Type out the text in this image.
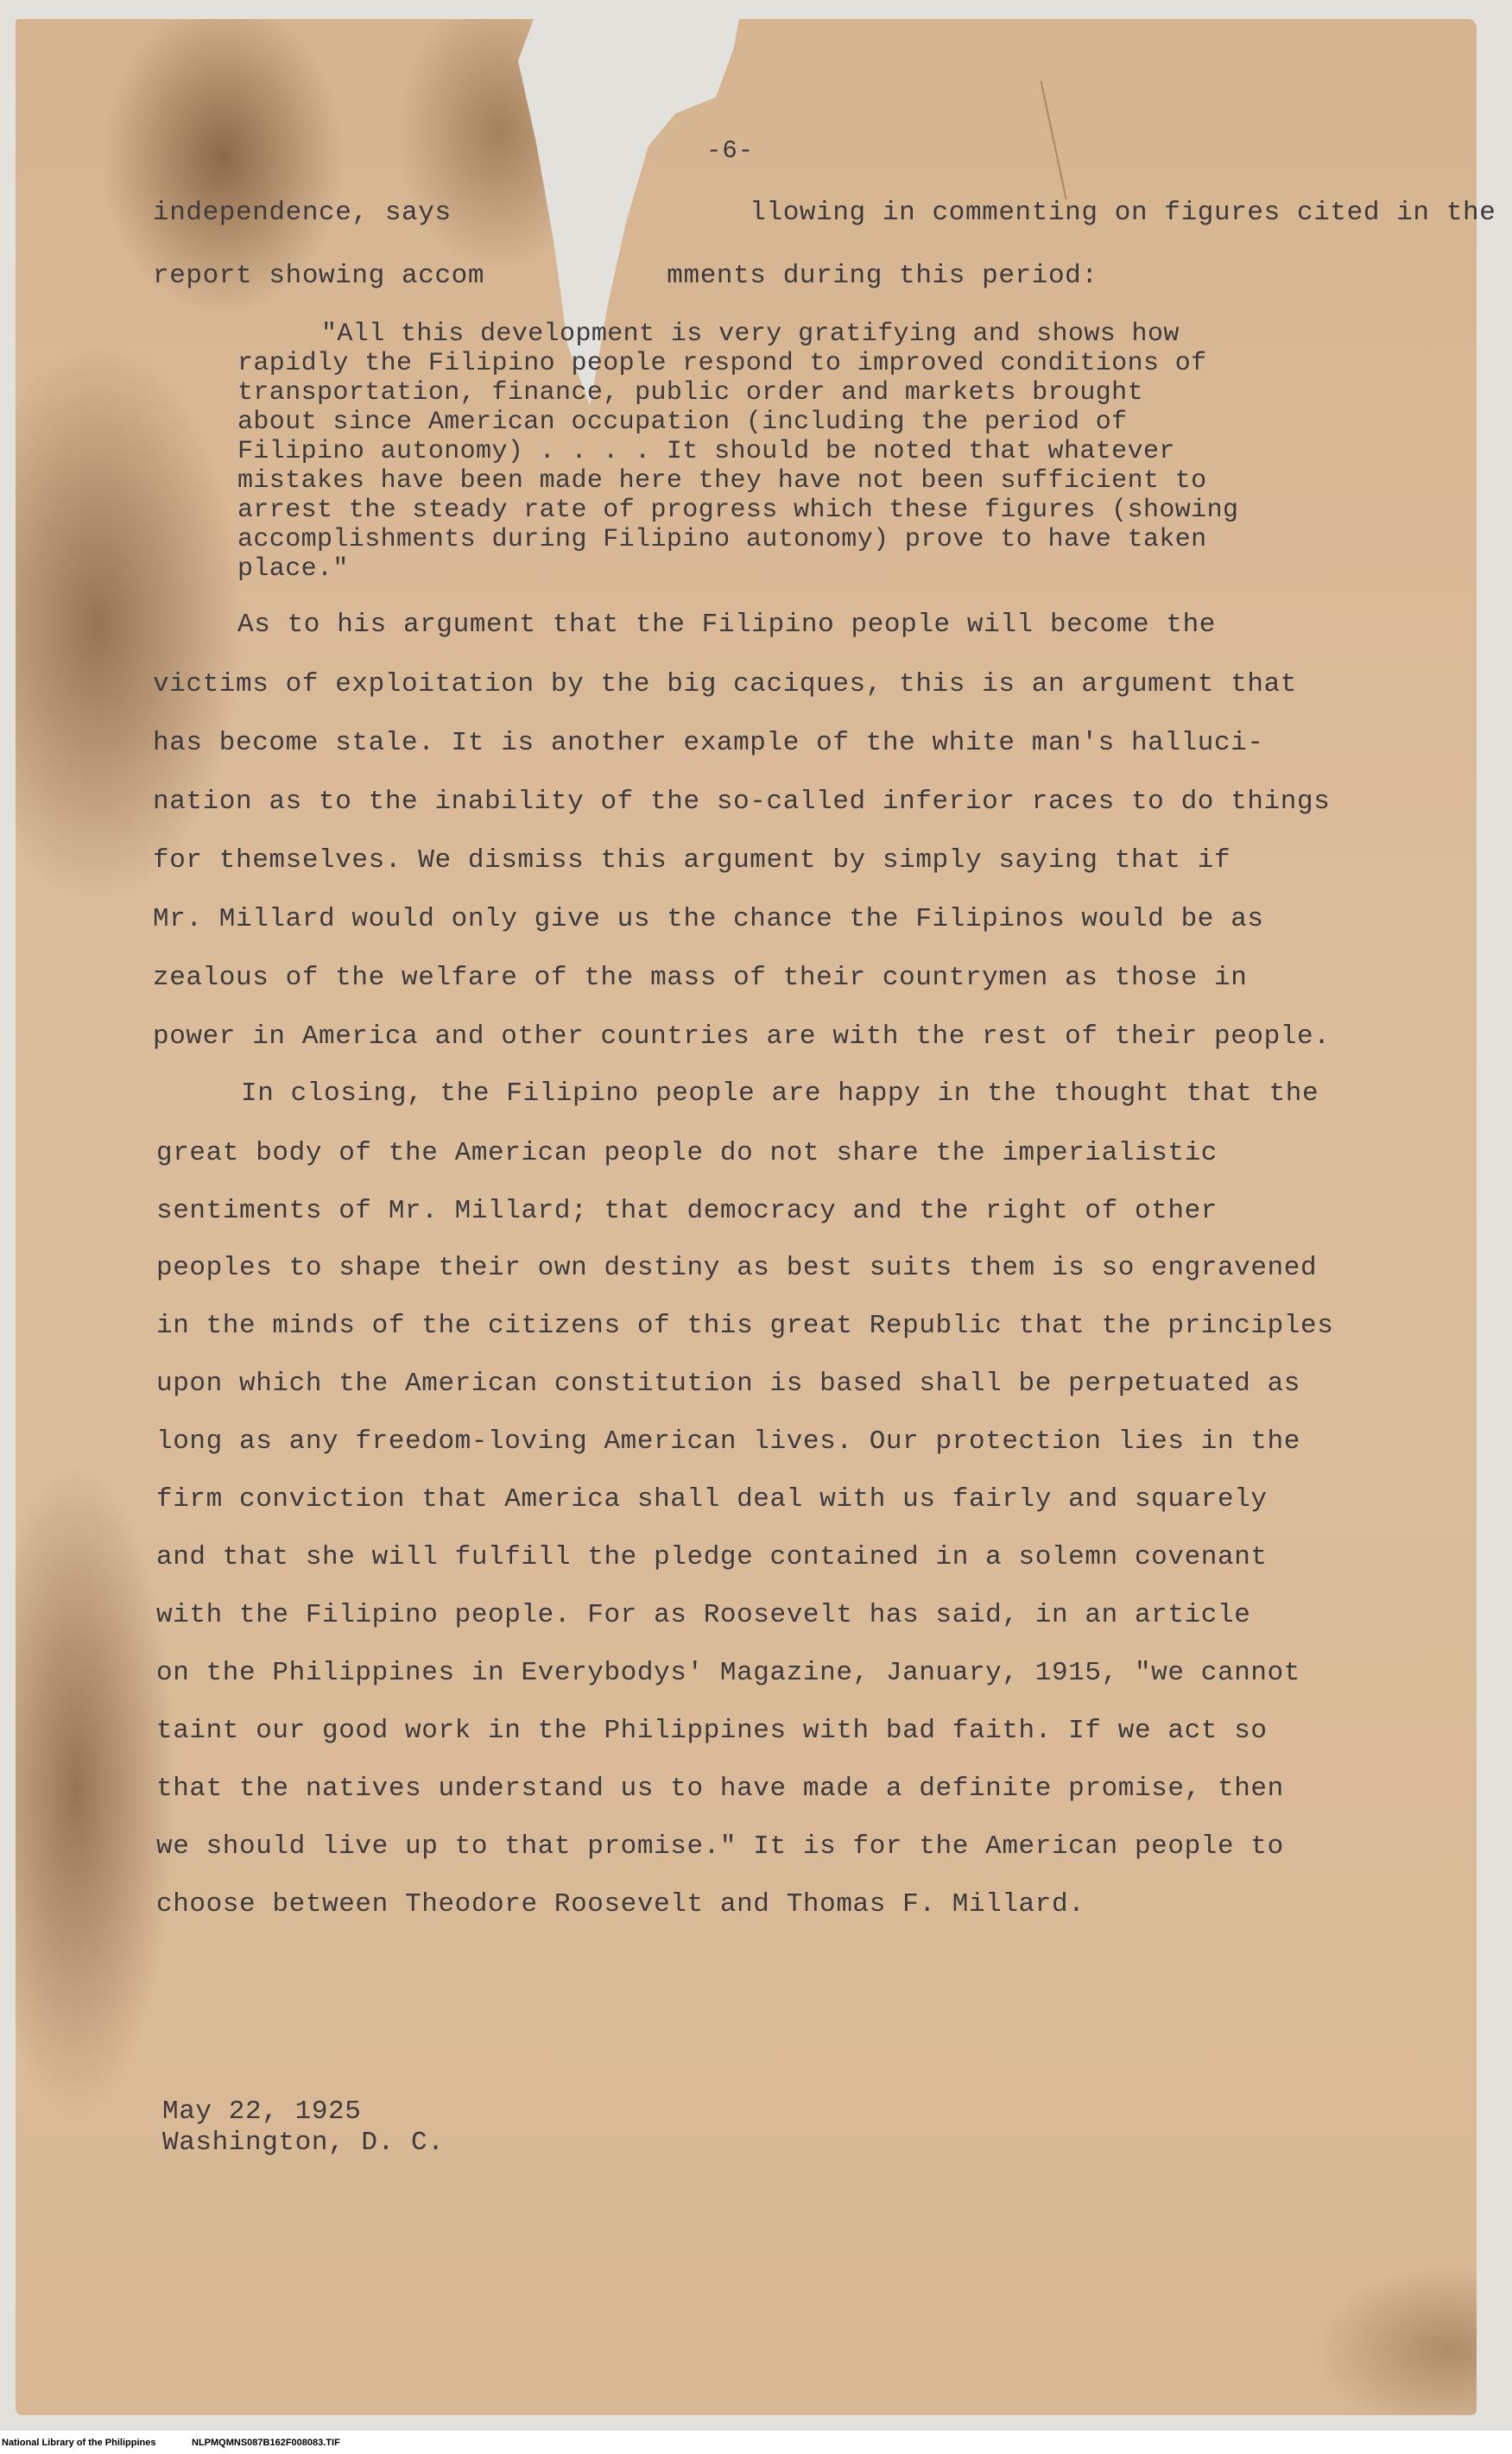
-6-
independence, says                  llowing in commenting on figures cited in the
report showing accom           mments during this period:
"All this development is very gratifying and shows how
rapidly the Filipino people respond to improved conditions of
transportation, finance, public order and markets brought
about since American occupation (including the period of
Filipino autonomy) . . . . It should be noted that whatever
mistakes have been made here they have not been sufficient to
arrest the steady rate of progress which these figures (showing
accomplishments during Filipino autonomy) prove to have taken
place."
As to his argument that the Filipino people will become the
victims of exploitation by the big caciques, this is an argument that
has become stale. It is another example of the white man's halluci-
nation as to the inability of the so-called inferior races to do things
for themselves. We dismiss this argument by simply saying that if
Mr. Millard would only give us the chance the Filipinos would be as
zealous of the welfare of the mass of their countrymen as those in
power in America and other countries are with the rest of their people.
In closing, the Filipino people are happy in the thought that the
great body of the American people do not share the imperialistic
sentiments of Mr. Millard; that democracy and the right of other
peoples to shape their own destiny as best suits them is so engravened
in the minds of the citizens of this great Republic that the principles
upon which the American constitution is based shall be perpetuated as
long as any freedom-loving American lives. Our protection lies in the
firm conviction that America shall deal with us fairly and squarely
and that she will fulfill the pledge contained in a solemn covenant
with the Filipino people. For as Roosevelt has said, in an article
on the Philippines in Everybodys' Magazine, January, 1915, "we cannot
taint our good work in the Philippines with bad faith. If we act so
that the natives understand us to have made a definite promise, then
we should live up to that promise." It is for the American people to
choose between Theodore Roosevelt and Thomas F. Millard.
May 22, 1925
Washington, D. C.
National Library of the Philippines	NLPMQMNS087B162F008083.TIF
